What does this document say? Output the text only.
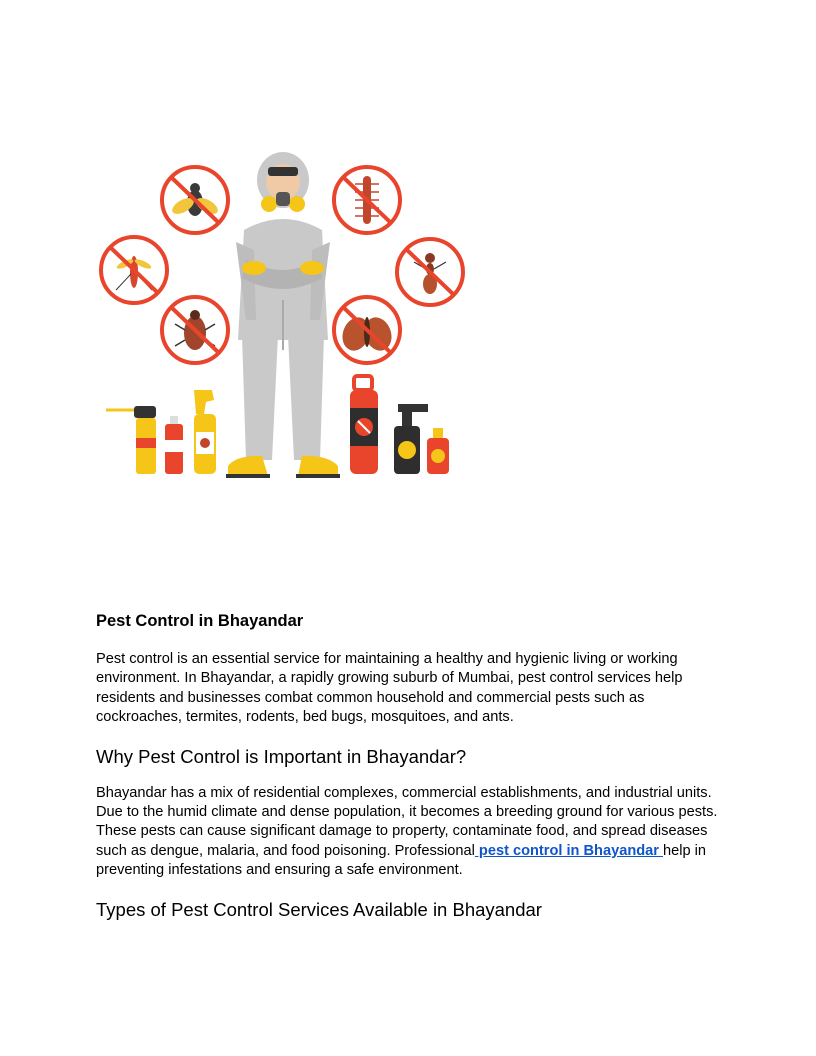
Pest Control in Bhayandar

Pest control is an essential service for maintaining a healthy and hygienic living or working environment. In Bhayandar, a rapidly growing suburb of Mumbai, pest control services help residents and businesses combat common household and commercial pests such as cockroaches, termites, rodents, bed bugs, mosquitoes, and ants.

Why Pest Control is Important in Bhayandar?

Bhayandar has a mix of residential complexes, commercial establishments, and industrial units. Due to the humid climate and dense population, it becomes a breeding ground for various pests. These pests can cause significant damage to property, contaminate food, and spread diseases such as dengue, malaria, and food poisoning. Professional pest control in Bhayandar help in preventing infestations and ensuring a safe environment.

Types of Pest Control Services Available in Bhayandar
